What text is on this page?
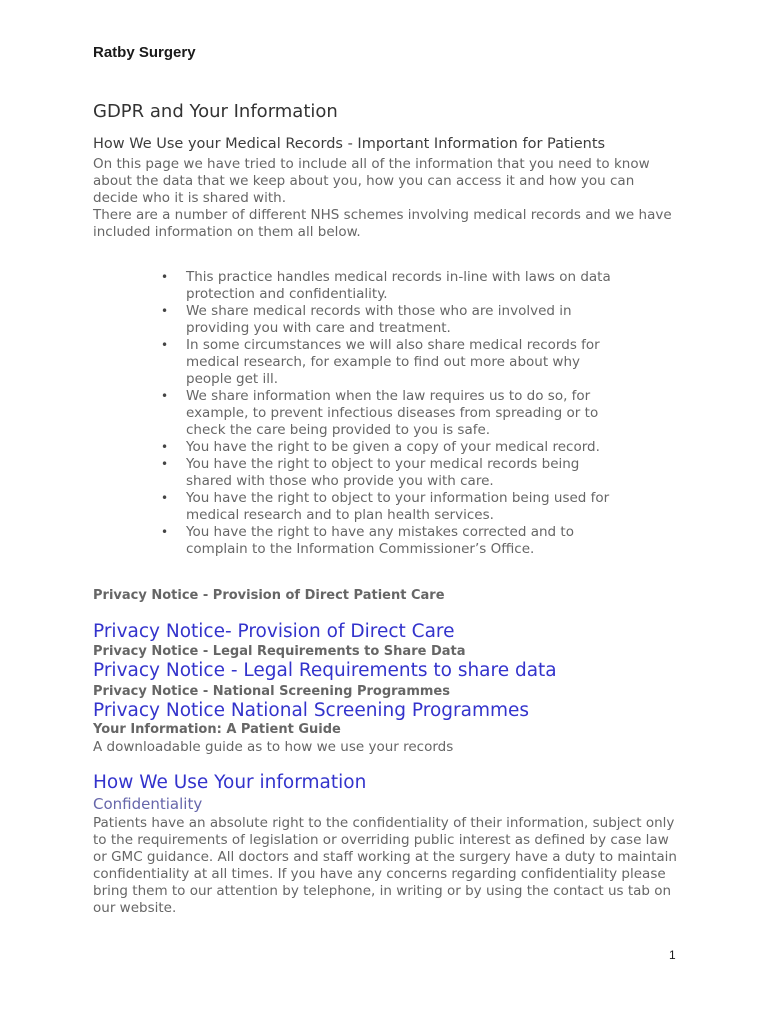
Ratby Surgery
GDPR and Your Information
How We Use your Medical Records - Important Information for Patients
On this page we have tried to include all of the information that you need to know about the data that we keep about you, how you can access it and how you can decide who it is shared with.
There are a number of different NHS schemes involving medical records and we have included information on them all below.
• This practice handles medical records in-line with laws on data protection and confidentiality.
• We share medical records with those who are involved in providing you with care and treatment.
• In some circumstances we will also share medical records for medical research, for example to find out more about why people get ill.
• We share information when the law requires us to do so, for example, to prevent infectious diseases from spreading or to check the care being provided to you is safe.
• You have the right to be given a copy of your medical record.
• You have the right to object to your medical records being shared with those who provide you with care.
• You have the right to object to your information being used for medical research and to plan health services.
• You have the right to have any mistakes corrected and to complain to the Information Commissioner’s Office.
Privacy Notice - Provision of Direct Patient Care
Privacy Notice- Provision of Direct Care
Privacy Notice - Legal Requirements to Share Data
Privacy Notice - Legal Requirements to share data
Privacy Notice - National Screening Programmes
Privacy Notice National Screening Programmes
Your Information: A Patient Guide
A downloadable guide as to how we use your records
How We Use Your information
Confidentiality
Patients have an absolute right to the confidentiality of their information, subject only to the requirements of legislation or overriding public interest as defined by case law or GMC guidance. All doctors and staff working at the surgery have a duty to maintain confidentiality at all times. If you have any concerns regarding confidentiality please bring them to our attention by telephone, in writing or by using the contact us tab on our website.
1
